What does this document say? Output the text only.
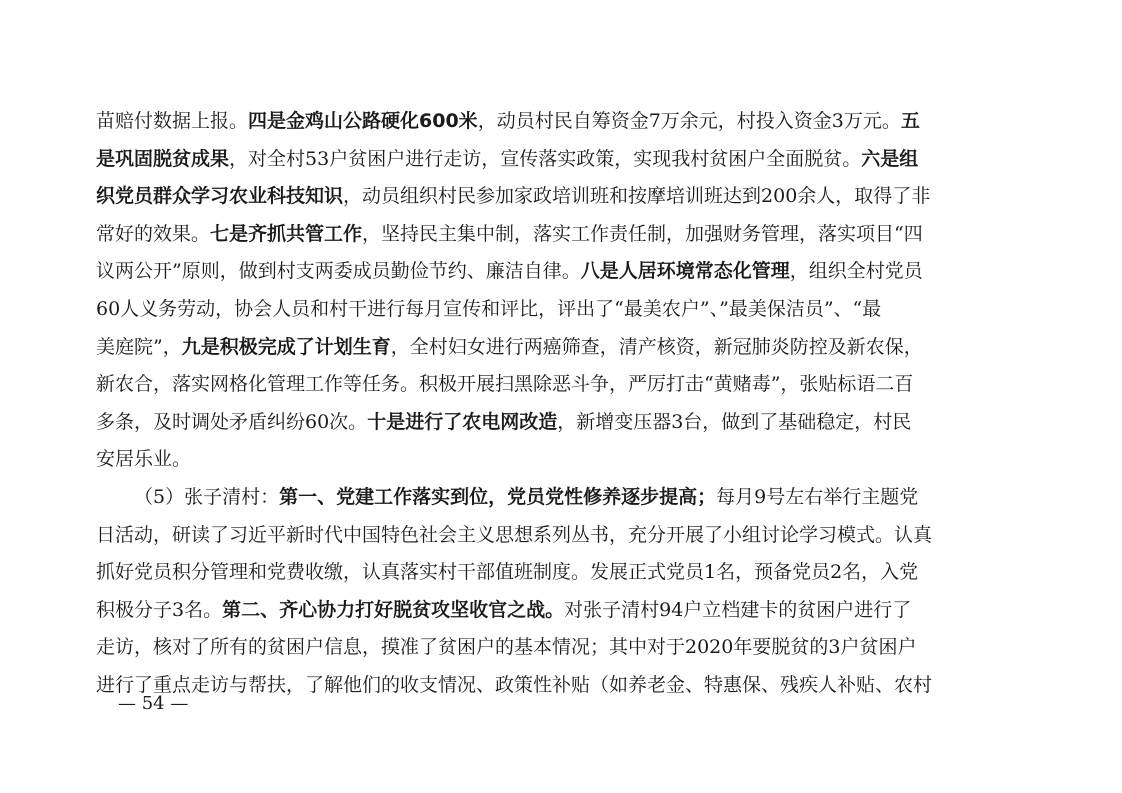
苗赔付数据上报。四是金鸡山公路硬化600米，动员村民自筹资金7万余元，村投入资金3万元。五
是巩固脱贫成果，对全村53户贫困户进行走访，宣传落实政策，实现我村贫困户全面脱贫。六是组
织党员群众学习农业科技知识，动员组织村民参加家政培训班和按摩培训班达到200余人，取得了非
常好的效果。七是齐抓共管工作，坚持民主集中制，落实工作责任制，加强财务管理，落实项目“四
议两公开”原则，做到村支两委成员勤俭节约、廉洁自律。八是人居环境常态化管理，组织全村党员
60人义务劳动，协会人员和村干进行每月宣传和评比，评出了“最美农户”、”最美保洁员”、“最
美庭院”，九是积极完成了计划生育，全村妇女进行两癌筛查，清产核资，新冠肺炎防控及新农保，
新农合，落实网格化管理工作等任务。积极开展扫黑除恶斗争，严厉打击“黄赌毒”，张贴标语二百
多条，及时调处矛盾纠纷60次。十是进行了农电网改造，新增变压器3台，做到了基础稳定，村民
安居乐业。
（5）张子清村：第一、党建工作落实到位，党员党性修养逐步提高；每月9号左右举行主题党
日活动，研读了习近平新时代中国特色社会主义思想系列丛书，充分开展了小组讨论学习模式。认真
抓好党员积分管理和党费收缴，认真落实村干部值班制度。发展正式党员1名，预备党员2名，入党
积极分子3名。第二、齐心协力打好脱贫攻坚收官之战。对张子清村94户立档建卡的贫困户进行了
走访，核对了所有的贫困户信息，摸准了贫困户的基本情况；其中对于2020年要脱贫的3户贫困户
进行了重点走访与帮扶，了解他们的收支情况、政策性补贴（如养老金、特惠保、残疾人补贴、农村
— 54 —
